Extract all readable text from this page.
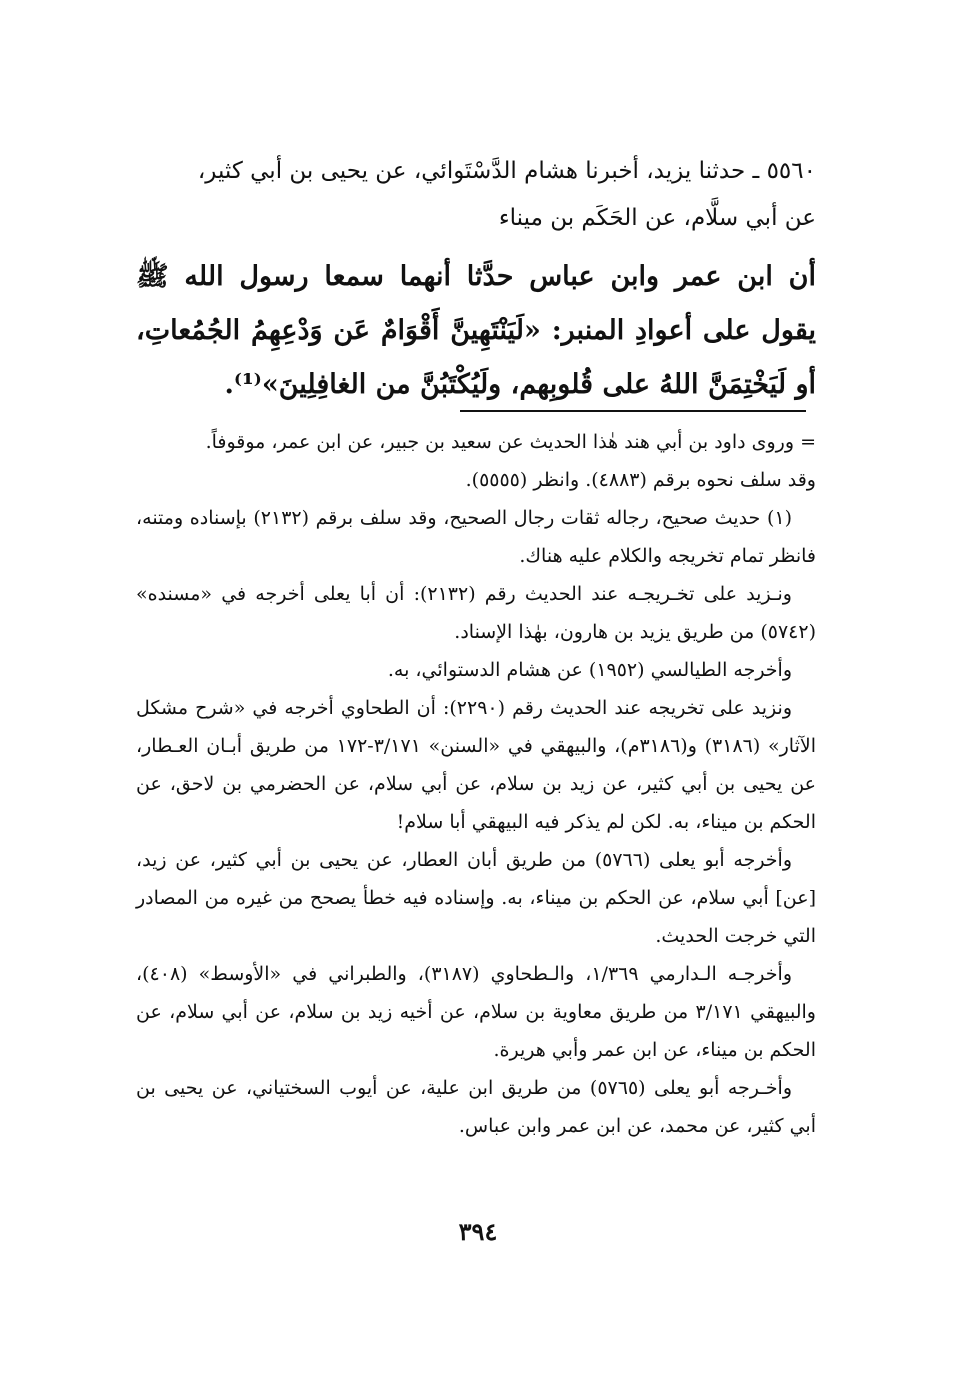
٥٥٦٠ ـ حدثنا يزيد، أخبرنا هشام الدَّسْتَوائي، عن يحيى بن أبي كثير،
عن أبي سلَّام، عن الحَكَم بن ميناء
أن ابن عمر وابن عباس حدَّثا أنهما سمعا رسول الله ﷺ يقول على أعوادِ المنبر: «لَيَنْتَهِينَّ أَقْوَامٌ عَن وَدْعِهِمُ الجُمُعاتِ، أو لَيَخْتِمَنَّ اللهُ على قُلوبِهم، ولَيُكْتَبُنَّ من الغافِلِينَ»⁽¹⁾.

= وروى داود بن أبي هند هٰذا الحديث عن سعيد بن جبير، عن ابن عمر، موقوفاً.

وقد سلف نحوه برقم (٤٨٨٣). وانظر (٥٥٥٥).

(١) حديث صحيح، رجاله ثقات رجال الصحيح، وقد سلف برقم (٢١٣٢) بإسناده ومتنه، فانظر تمام تخريجه والكلام عليه هناك.

ونـزيد على تخـريجـه عند الحديث رقم (٢١٣٢): أن أبا يعلى أخرجه في «مسنده» (٥٧٤٢) من طريق يزيد بن هارون، بهٰذا الإسناد.

وأخرجه الطيالسي (١٩٥٢) عن هشام الدستوائي، به.

ونزيد على تخريجه عند الحديث رقم (٢٢٩٠): أن الطحاوي أخرجه في «شرح مشكل الآثار» (٣١٨٦) و(٣١٨٦م)، والبيهقي في «السنن» ٣/١٧١-١٧٢ من طريق أبـان العـطار، عن يحيى بن أبي كثير، عن زيد بن سلام، عن أبي سلام، عن الحضرمي بن لاحق، عن الحكم بن ميناء، به. لكن لم يذكر فيه البيهقي أبا سلام!

وأخرجه أبو يعلى (٥٧٦٦) من طريق أبان العطار، عن يحيى بن أبي كثير، عن زيد، [عن] أبي سلام، عن الحكم بن ميناء، به. وإسناده فيه خطأ يصحح من غيره من المصادر التي خرجت الحديث.

وأخرجـه الـدارمي ١/٣٦٩، والـطحاوي (٣١٨٧)، والطبراني في «الأوسط» (٤٠٨)، والبيهقي ٣/١٧١ من طريق معاوية بن سلام، عن أخيه زيد بن سلام، عن أبي سلام، عن الحكم بن ميناء، عن ابن عمر وأبي هريرة.

وأخـرجه أبو يعلى (٥٧٦٥) من طريق ابن علية، عن أيوب السختياني، عن يحيى بن أبي كثير، عن محمد، عن ابن عمر وابن عباس.

٣٩٤
